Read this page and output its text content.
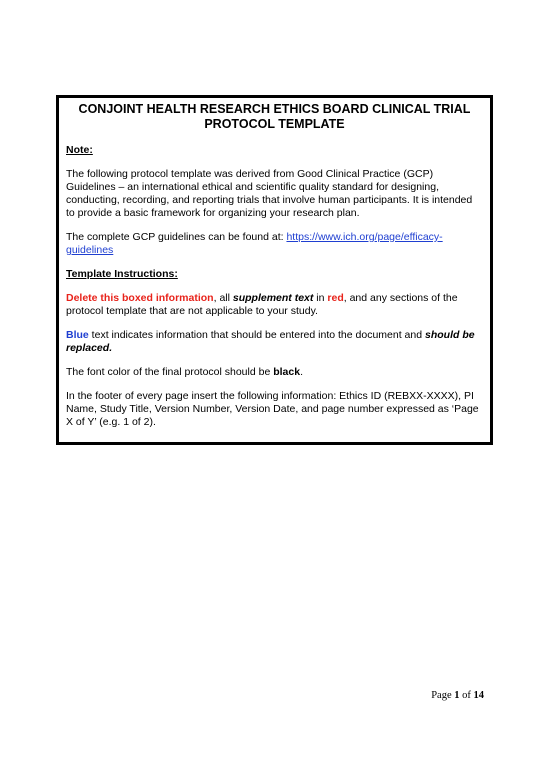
CONJOINT HEALTH RESEARCH ETHICS BOARD CLINICAL TRIAL PROTOCOL TEMPLATE
Note:
The following protocol template was derived from Good Clinical Practice (GCP) Guidelines – an international ethical and scientific quality standard for designing, conducting, recording, and reporting trials that involve human participants. It is intended to provide a basic framework for organizing your research plan.
The complete GCP guidelines can be found at: https://www.ich.org/page/efficacy-guidelines
Template Instructions:
Delete this boxed information, all supplement text in red, and any sections of the protocol template that are not applicable to your study.
Blue text indicates information that should be entered into the document and should be replaced.
The font color of the final protocol should be black.
In the footer of every page insert the following information: Ethics ID (REBXX-XXXX), PI Name, Study Title, Version Number, Version Date, and page number expressed as ‘Page X of Y’ (e.g. 1 of 2).
Page 1 of 14
